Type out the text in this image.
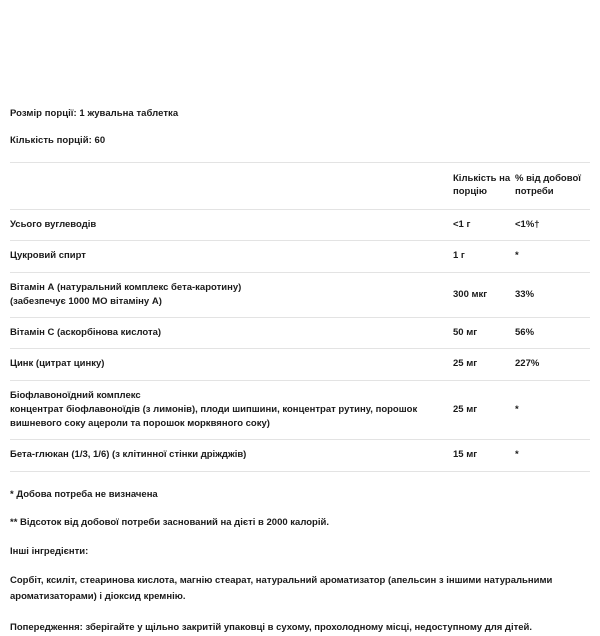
Розмір порції: 1 жувальна таблетка

Кількість порцій: 60

	Кількість на порцію	% від добової потреби
Усього вуглеводів	<1 г	<1%†
Цукровий спирт	1 г	*
Вітамін А (натуральний комплекс бета-каротину)
(забезпечує 1000 МО вітаміну А)	300 мкг	33%
Вітамін С (аскорбінова кислота)	50 мг	56%
Цинк (цитрат цинку)	25 мг	227%
Біофлавоноїдний комплекс
концентрат біофлавоноїдів (з лимонів), плоди шипшини, концентрат рутину, порошок вишневого соку ацероли та порошок морквяного соку)	25 мг	*
Бета-глюкан (1/3, 1/6) (з клітинної стінки дріжджів)	15 мг	*

* Добова потреба не визначена

** Відсоток від добової потреби заснований на дієті в 2000 калорій.

Інші інгредієнти:

Сорбіт, ксиліт, стеаринова кислота, магнію стеарат, натуральний ароматизатор (апельсин з іншими натуральними ароматизаторами) і діоксид кремнію.

Попередження: зберігайте у щільно закритій упаковці в сухому, прохолодному місці, недоступному для дітей.
